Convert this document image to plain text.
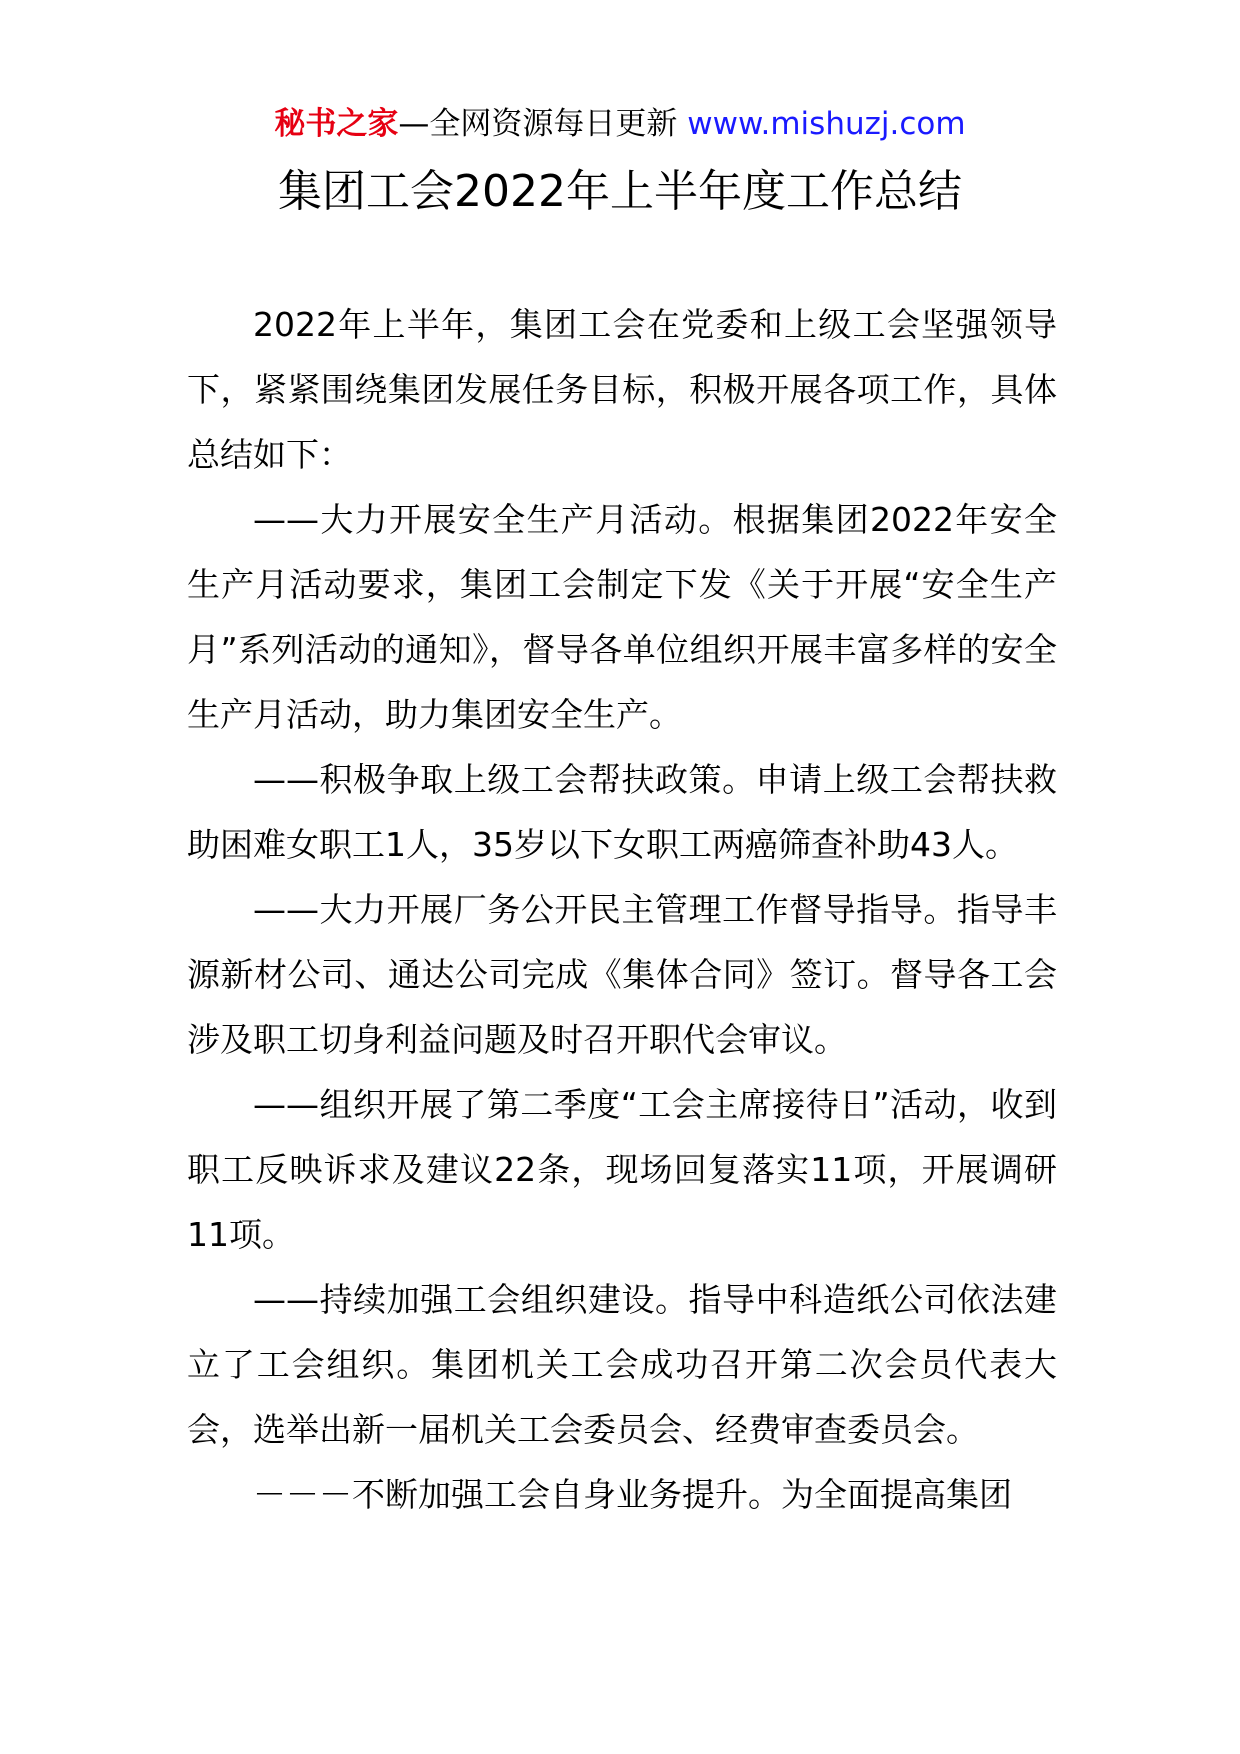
秘书之家—全网资源每日更新 www.mishuzj.com
集团工会2022年上半年度工作总结

2022年上半年，集团工会在党委和上级工会坚强领导下，紧紧围绕集团发展任务目标，积极开展各项工作，具体总结如下：

——大力开展安全生产月活动。根据集团2022年安全生产月活动要求，集团工会制定下发《关于开展“安全生产月”系列活动的通知》，督导各单位组织开展丰富多样的安全生产月活动，助力集团安全生产。

——积极争取上级工会帮扶政策。申请上级工会帮扶救助困难女职工1人，35岁以下女职工两癌筛查补助43人。

——大力开展厂务公开民主管理工作督导指导。指导丰源新材公司、通达公司完成《集体合同》签订。督导各工会涉及职工切身利益问题及时召开职代会审议。

——组织开展了第二季度“工会主席接待日”活动，收到职工反映诉求及建议22条，现场回复落实11项，开展调研11项。

——持续加强工会组织建设。指导中科造纸公司依法建立了工会组织。集团机关工会成功召开第二次会员代表大会，选举出新一届机关工会委员会、经费审查委员会。

－－－不断加强工会自身业务提升。为全面提高集团
